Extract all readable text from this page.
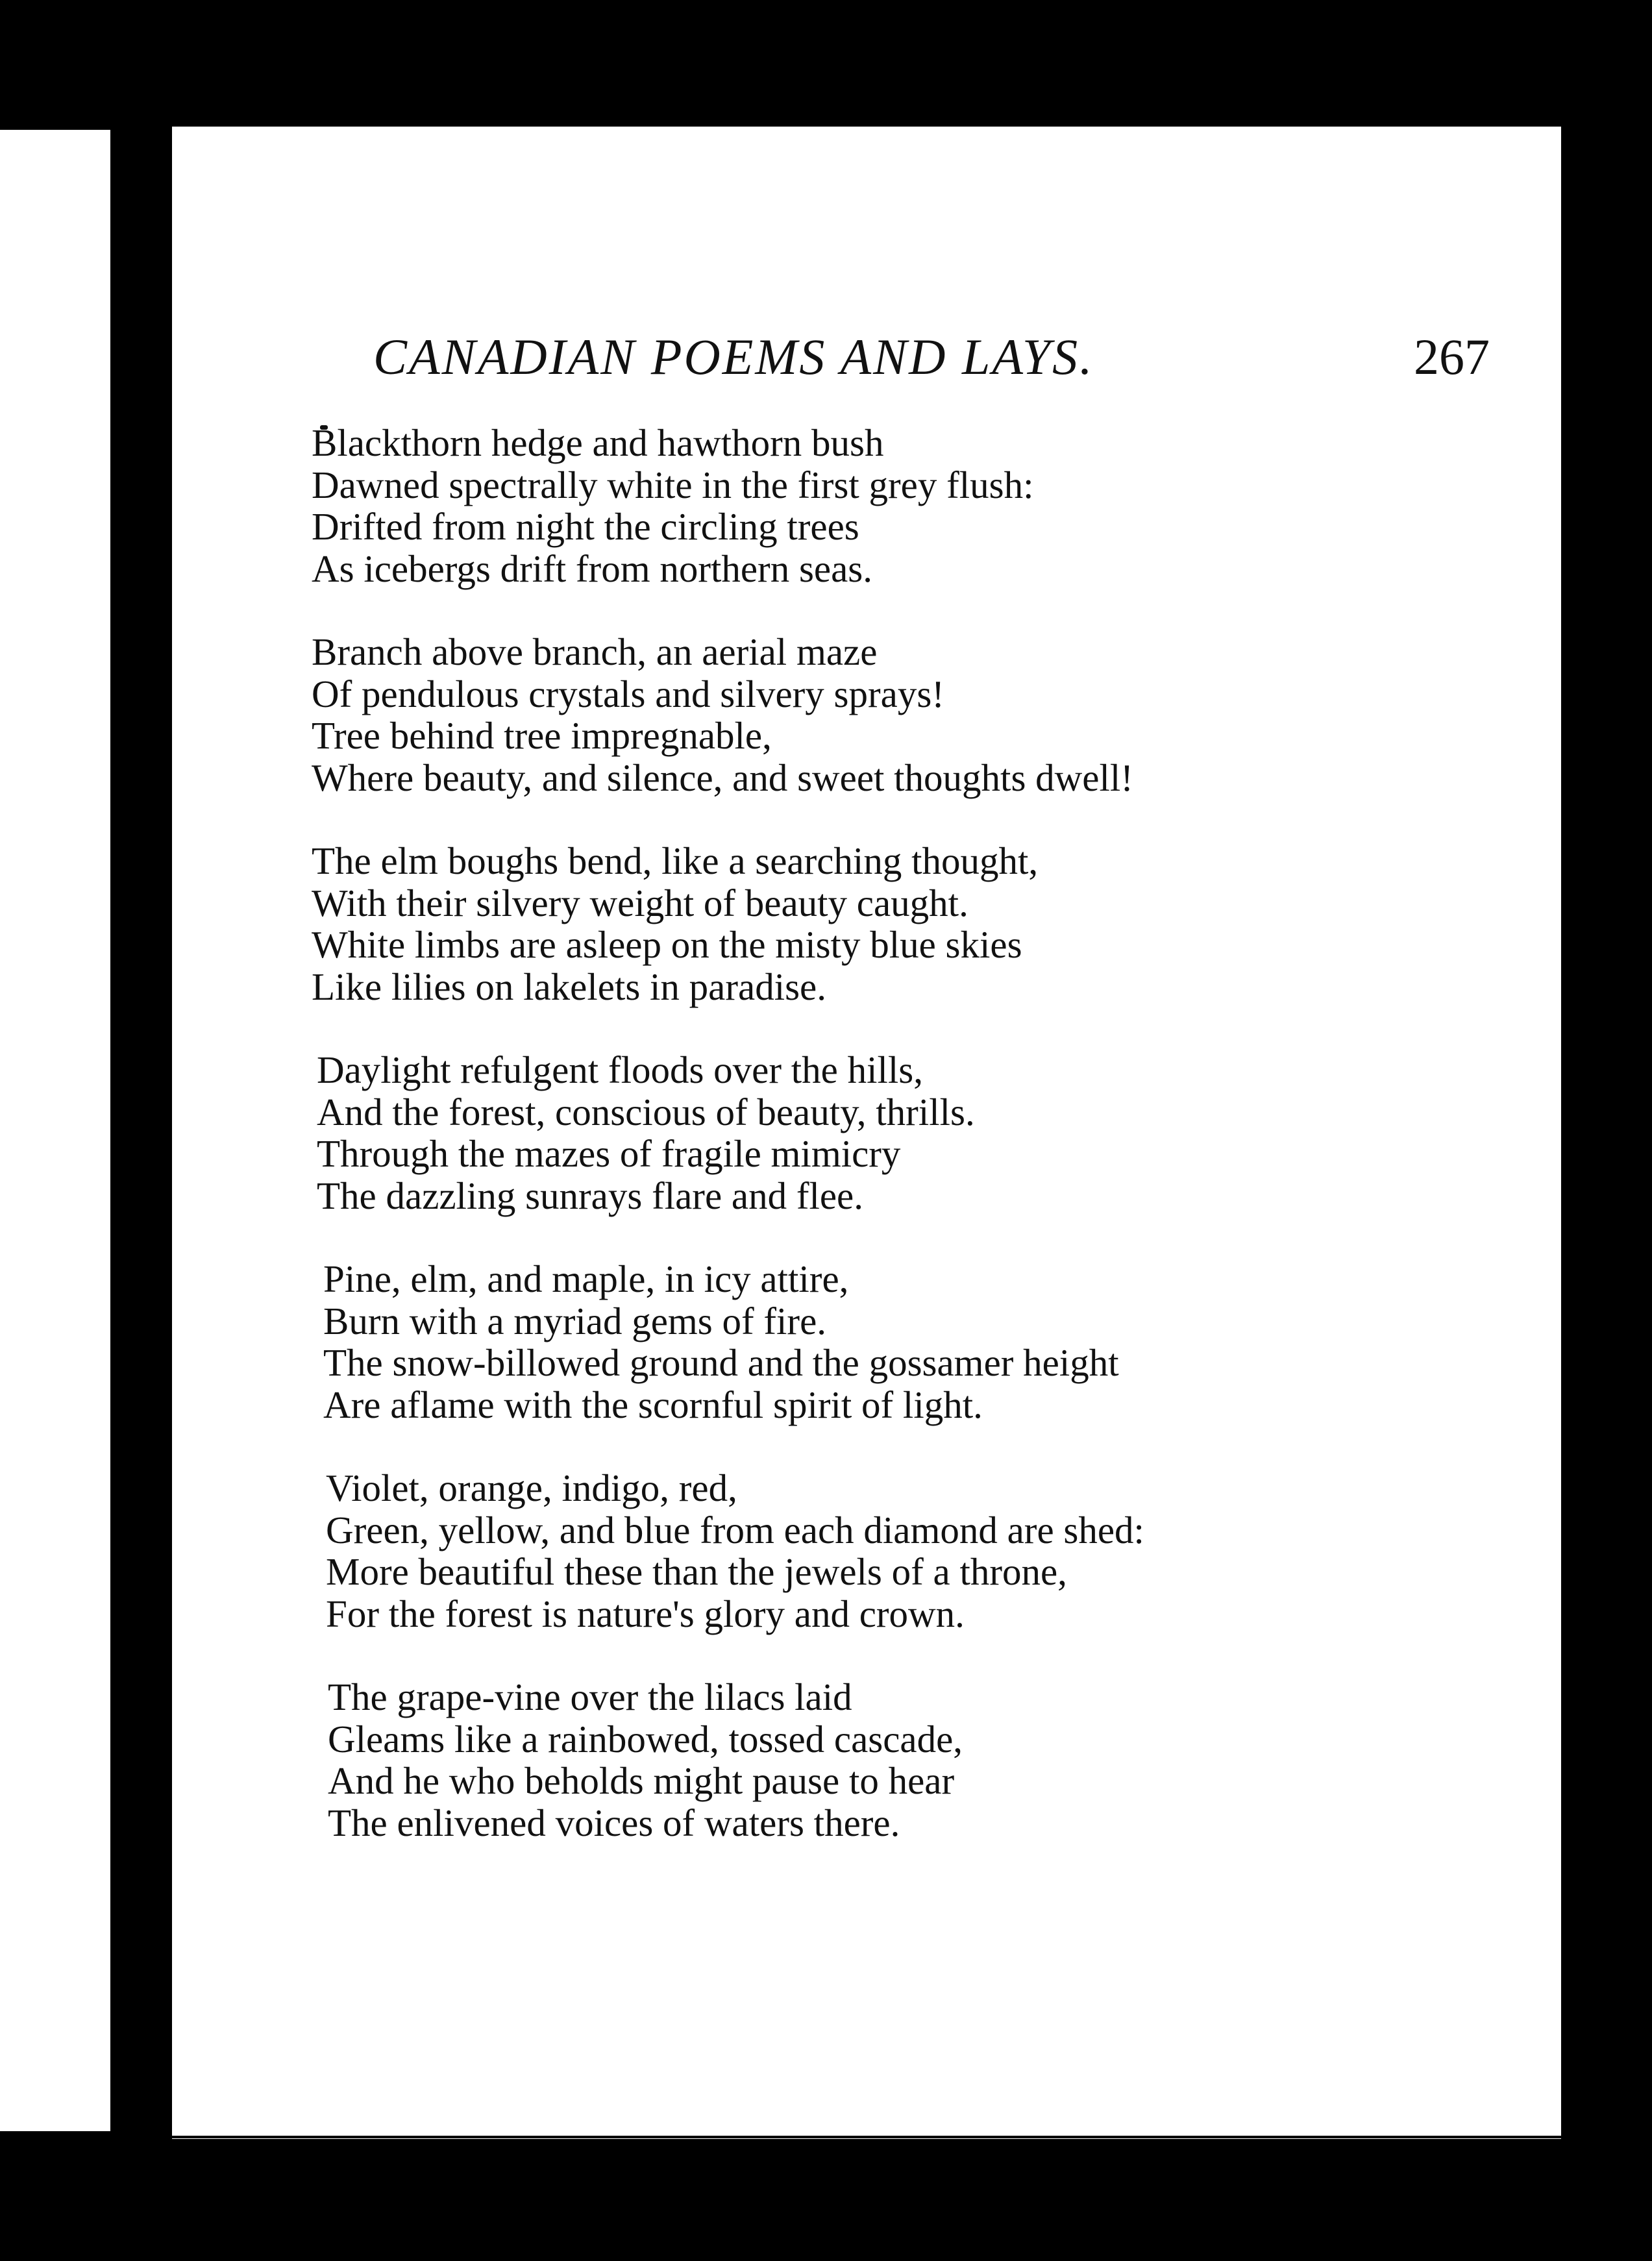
CANADIAN POEMS AND LAYS.	267
Blackthorn hedge and hawthorn bush
Dawned spectrally white in the first grey flush:
Drifted from night the circling trees
As icebergs drift from northern seas.
Branch above branch, an aerial maze
Of pendulous crystals and silvery sprays!
Tree behind tree impregnable,
Where beauty, and silence, and sweet thoughts dwell!
The elm boughs bend, like a searching thought,
With their silvery weight of beauty caught.
White limbs are asleep on the misty blue skies
Like lilies on lakelets in paradise.
Daylight refulgent floods over the hills,
And the forest, conscious of beauty, thrills.
Through the mazes of fragile mimicry
The dazzling sunrays flare and flee.
Pine, elm, and maple, in icy attire,
Burn with a myriad gems of fire.
The snow-billowed ground and the gossamer height
Are aflame with the scornful spirit of light.
Violet, orange, indigo, red,
Green, yellow, and blue from each diamond are shed:
More beautiful these than the jewels of a throne,
For the forest is nature's glory and crown.
The grape-vine over the lilacs laid
Gleams like a rainbowed, tossed cascade,
And he who beholds might pause to hear
The enlivened voices of waters there.
